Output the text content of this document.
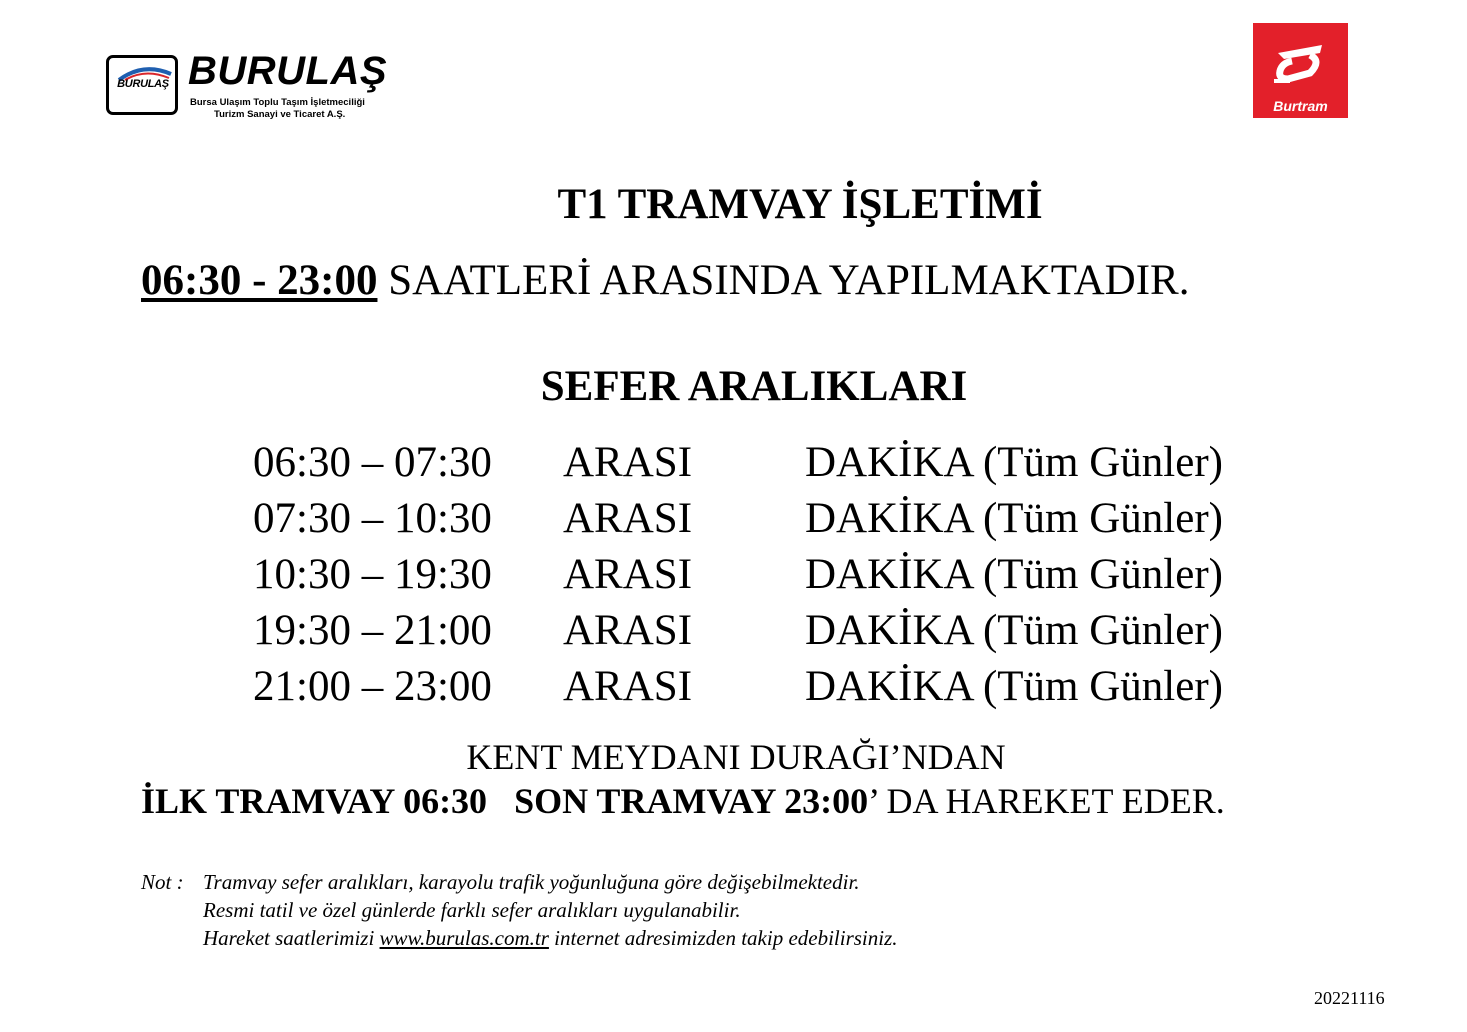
BURULAŞ BURULAŞ
Bursa Ulaşım Toplu Taşım İşletmeciliği
Turizm Sanayi ve Ticaret A.Ş.
Burtram
T1 TRAMVAY İŞLETİMİ
06:30 - 23:00 SAATLERİ ARASINDA YAPILMAKTADIR.
SEFER ARALIKLARI
06:30 – 07:30 ARASI	DAKİKA (Tüm Günler)
07:30 – 10:30 ARASI	DAKİKA (Tüm Günler)
10:30 – 19:30 ARASI	DAKİKA (Tüm Günler)
19:30 – 21:00 ARASI	DAKİKA (Tüm Günler)
21:00 – 23:00 ARASI	DAKİKA (Tüm Günler)
KENT MEYDANI DURAĞI’NDAN
İLK TRAMVAY 06:30 SON TRAMVAY 23:00’ DA HAREKET EDER.
Not : Tramvay sefer aralıkları, karayolu trafik yoğunluğuna göre değişebilmektedir.
Resmi tatil ve özel günlerde farklı sefer aralıkları uygulanabilir.
Hareket saatlerimizi www.burulas.com.tr internet adresimizden takip edebilirsiniz.
20221116
